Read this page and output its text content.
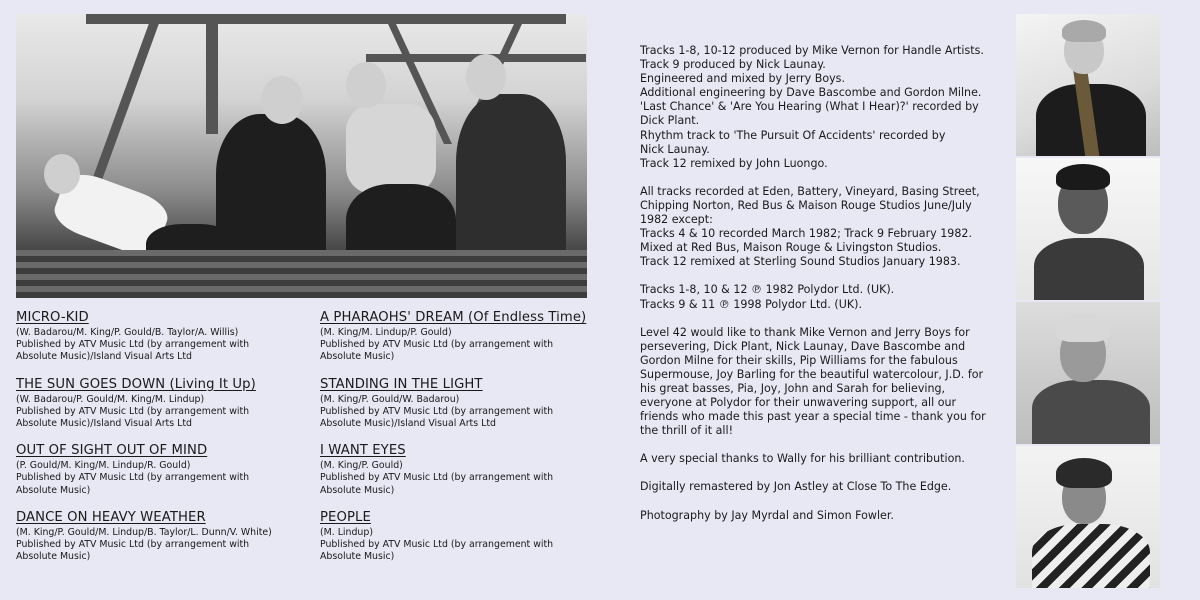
MICRO-KID
(W. Badarou/M. King/P. Gould/B. Taylor/A. Willis)
Published by ATV Music Ltd (by arrangement with
Absolute Music)/Island Visual Arts Ltd
THE SUN GOES DOWN (Living It Up)
(W. Badarou/P. Gould/M. King/M. Lindup)
Published by ATV Music Ltd (by arrangement with
Absolute Music)/Island Visual Arts Ltd
OUT OF SIGHT OUT OF MIND
(P. Gould/M. King/M. Lindup/R. Gould)
Published by ATV Music Ltd (by arrangement with
Absolute Music)
DANCE ON HEAVY WEATHER
(M. King/P. Gould/M. Lindup/B. Taylor/L. Dunn/V. White)
Published by ATV Music Ltd (by arrangement with
Absolute Music)
A PHARAOHS' DREAM (Of Endless Time)
(M. King/M. Lindup/P. Gould)
Published by ATV Music Ltd (by arrangement with
Absolute Music)
STANDING IN THE LIGHT
(M. King/P. Gould/W. Badarou)
Published by ATV Music Ltd (by arrangement with
Absolute Music)/Island Visual Arts Ltd
I WANT EYES
(M. King/P. Gould)
Published by ATV Music Ltd (by arrangement with
Absolute Music)
PEOPLE
(M. Lindup)
Published by ATV Music Ltd (by arrangement with
Absolute Music)

Tracks 1-8, 10-12 produced by Mike Vernon for Handle Artists.
Track 9 produced by Nick Launay.
Engineered and mixed by Jerry Boys.
Additional engineering by Dave Bascombe and Gordon Milne.
'Last Chance' & 'Are You Hearing (What I Hear)?' recorded by
Dick Plant.
Rhythm track to 'The Pursuit Of Accidents' recorded by
Nick Launay.
Track 12 remixed by John Luongo.

All tracks recorded at Eden, Battery, Vineyard, Basing Street,
Chipping Norton, Red Bus & Maison Rouge Studios June/July
1982 except:
Tracks 4 & 10 recorded March 1982; Track 9 February 1982.
Mixed at Red Bus, Maison Rouge & Livingston Studios.
Track 12 remixed at Sterling Sound Studios January 1983.

Tracks 1-8, 10 & 12 ℗ 1982 Polydor Ltd. (UK).
Tracks 9 & 11 ℗ 1998 Polydor Ltd. (UK).

Level 42 would like to thank Mike Vernon and Jerry Boys for
persevering, Dick Plant, Nick Launay, Dave Bascombe and
Gordon Milne for their skills, Pip Williams for the fabulous
Supermouse, Joy Barling for the beautiful watercolour, J.D. for
his great basses, Pia, Joy, John and Sarah for believing,
everyone at Polydor for their unwavering support, all our
friends who made this past year a special time - thank you for
the thrill of it all!

A very special thanks to Wally for his brilliant contribution.

Digitally remastered by Jon Astley at Close To The Edge.

Photography by Jay Myrdal and Simon Fowler.
